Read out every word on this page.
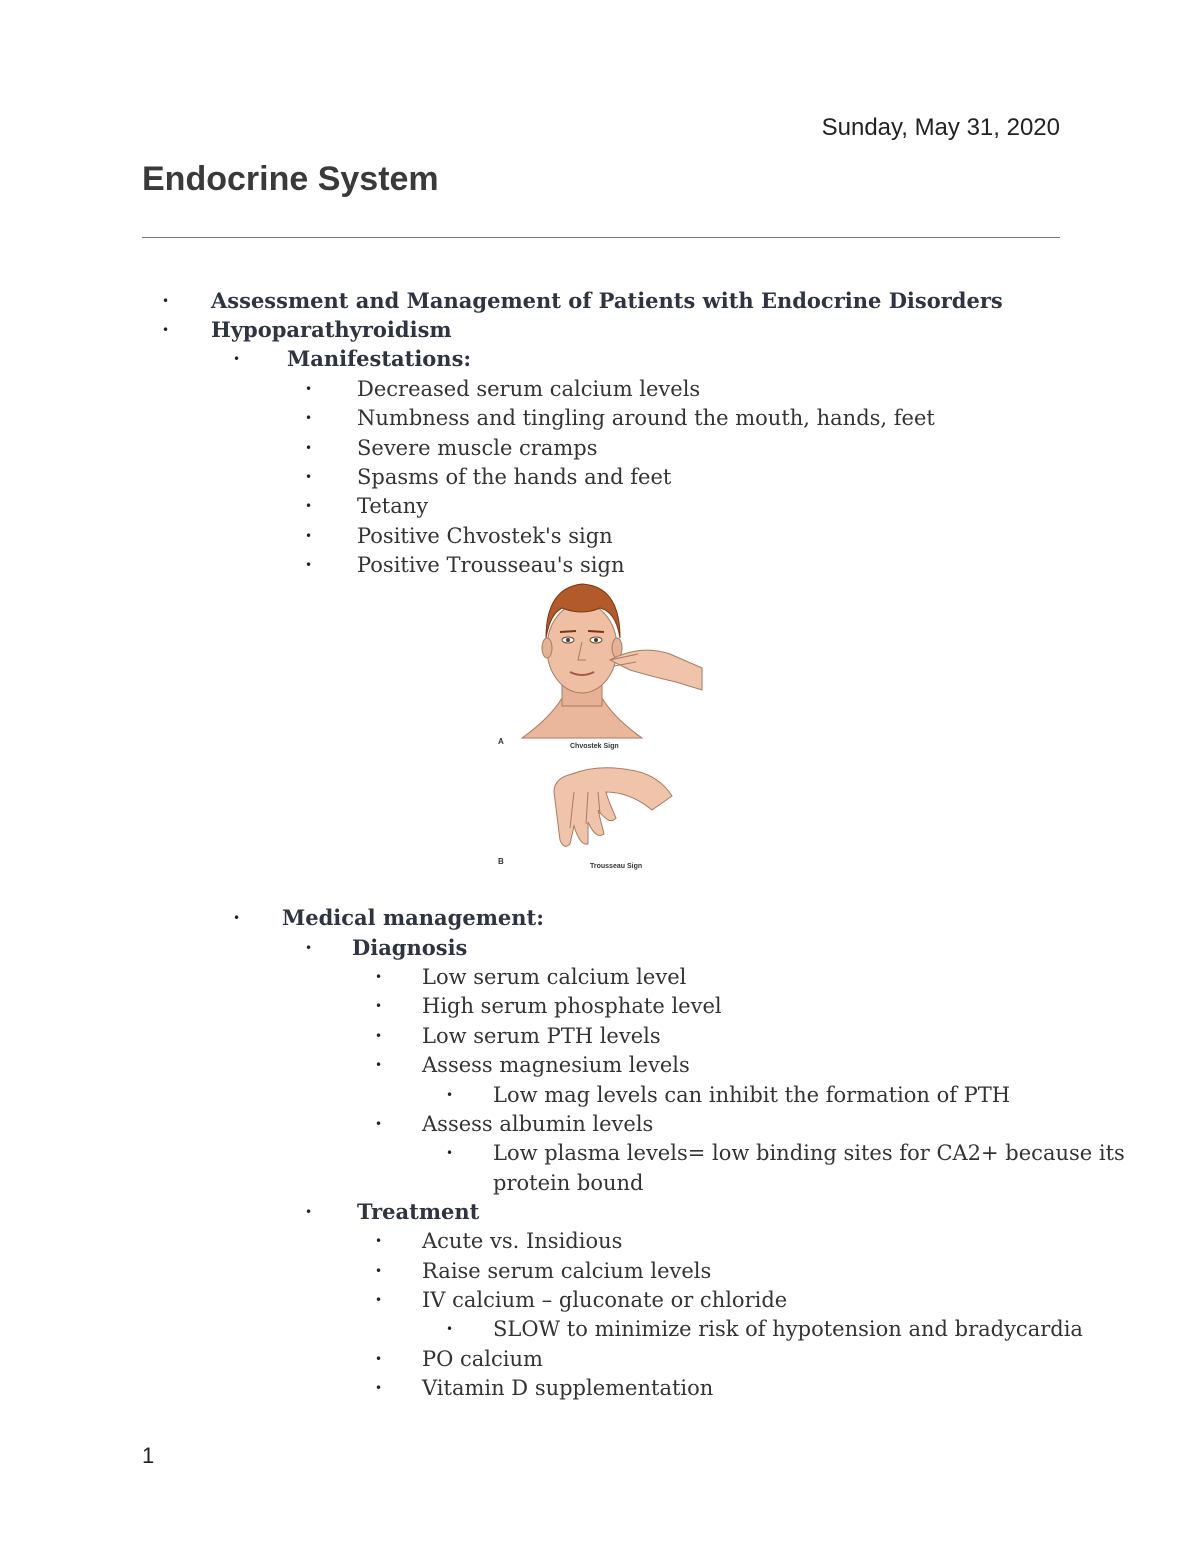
Sunday, May 31, 2020
Endocrine System
• Assessment and Management of Patients with Endocrine Disorders
• Hypoparathyroidism
• Manifestations:
• Decreased serum calcium levels
• Numbness and tingling around the mouth, hands, feet
• Severe muscle cramps
• Spasms of the hands and feet
• Tetany
• Positive Chvostek's sign
• Positive Trousseau's sign
A
Chvostek Sign
B
Trousseau Sign
• Medical management:
• Diagnosis
• Low serum calcium level
• High serum phosphate level
• Low serum PTH levels
• Assess magnesium levels
• Low mag levels can inhibit the formation of PTH
• Assess albumin levels
• Low plasma levels= low binding sites for CA2+ because its
protein bound
• Treatment
• Acute vs. Insidious
• Raise serum calcium levels
• IV calcium – gluconate or chloride
• SLOW to minimize risk of hypotension and bradycardia
• PO calcium
• Vitamin D supplementation
1
